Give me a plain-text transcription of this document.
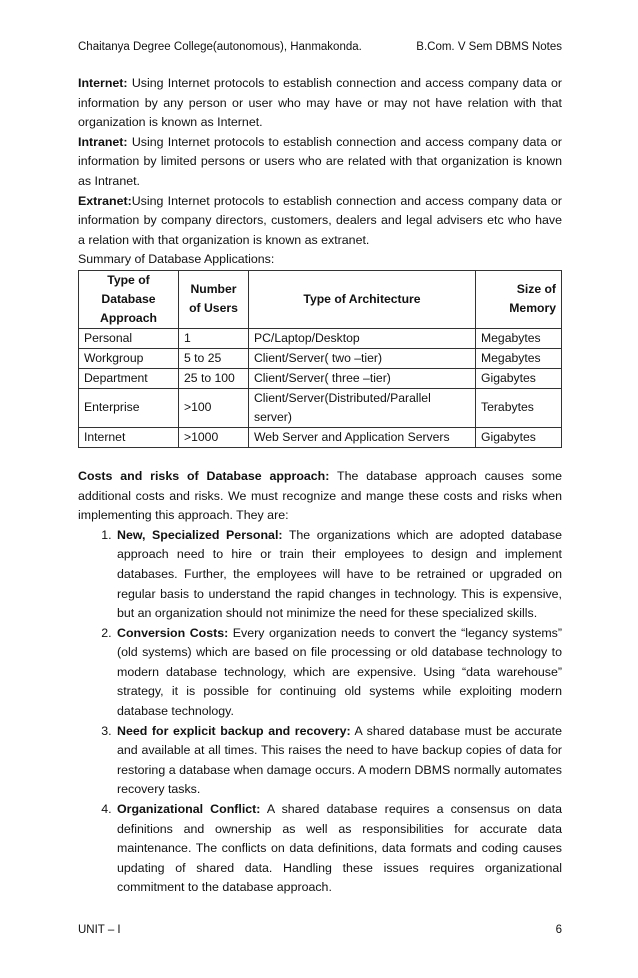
Chaitanya Degree College(autonomous), Hanmakonda.	B.Com. V Sem DBMS Notes

Internet: Using Internet protocols to establish connection and access company data or information by any person or user who may have or may not have relation with that organization is known as Internet.

Intranet: Using Internet protocols to establish connection and access company data or information by limited persons or users who are related with that organization is known as Intranet.

Extranet:Using Internet protocols to establish connection and access company data or information by company directors, customers, dealers and legal advisers etc who have a relation with that organization is known as extranet.

Summary of Database Applications:

Type of Database Approach	Number of Users	Type of Architecture	Size of Memory
Personal	1	PC/Laptop/Desktop	Megabytes
Workgroup	5 to 25	Client/Server( two –tier)	Megabytes
Department	25 to 100	Client/Server( three –tier)	Gigabytes
Enterprise	>100	Client/Server(Distributed/Parallel server)	Terabytes
Internet	>1000	Web Server and Application Servers	Gigabytes

Costs and risks of Database approach: The database approach causes some additional costs and risks. We must recognize and mange these costs and risks when implementing this approach. They are:

1. New, Specialized Personal: The organizations which are adopted database approach need to hire or train their employees to design and implement databases. Further, the employees will have to be retrained or upgraded on regular basis to understand the rapid changes in technology. This is expensive, but an organization should not minimize the need for these specialized skills.
2. Conversion Costs: Every organization needs to convert the “legancy systems” (old systems) which are based on file processing or old database technology to modern database technology, which are expensive. Using “data warehouse” strategy, it is possible for continuing old systems while exploiting modern database technology.
3. Need for explicit backup and recovery: A shared database must be accurate and available at all times. This raises the need to have backup copies of data for restoring a database when damage occurs. A modern DBMS normally automates recovery tasks.
4. Organizational Conflict: A shared database requires a consensus on data definitions and ownership as well as responsibilities for accurate data maintenance. The conflicts on data definitions, data formats and coding causes updating of shared data. Handling these issues requires organizational commitment to the database approach.
UNIT – I	6
